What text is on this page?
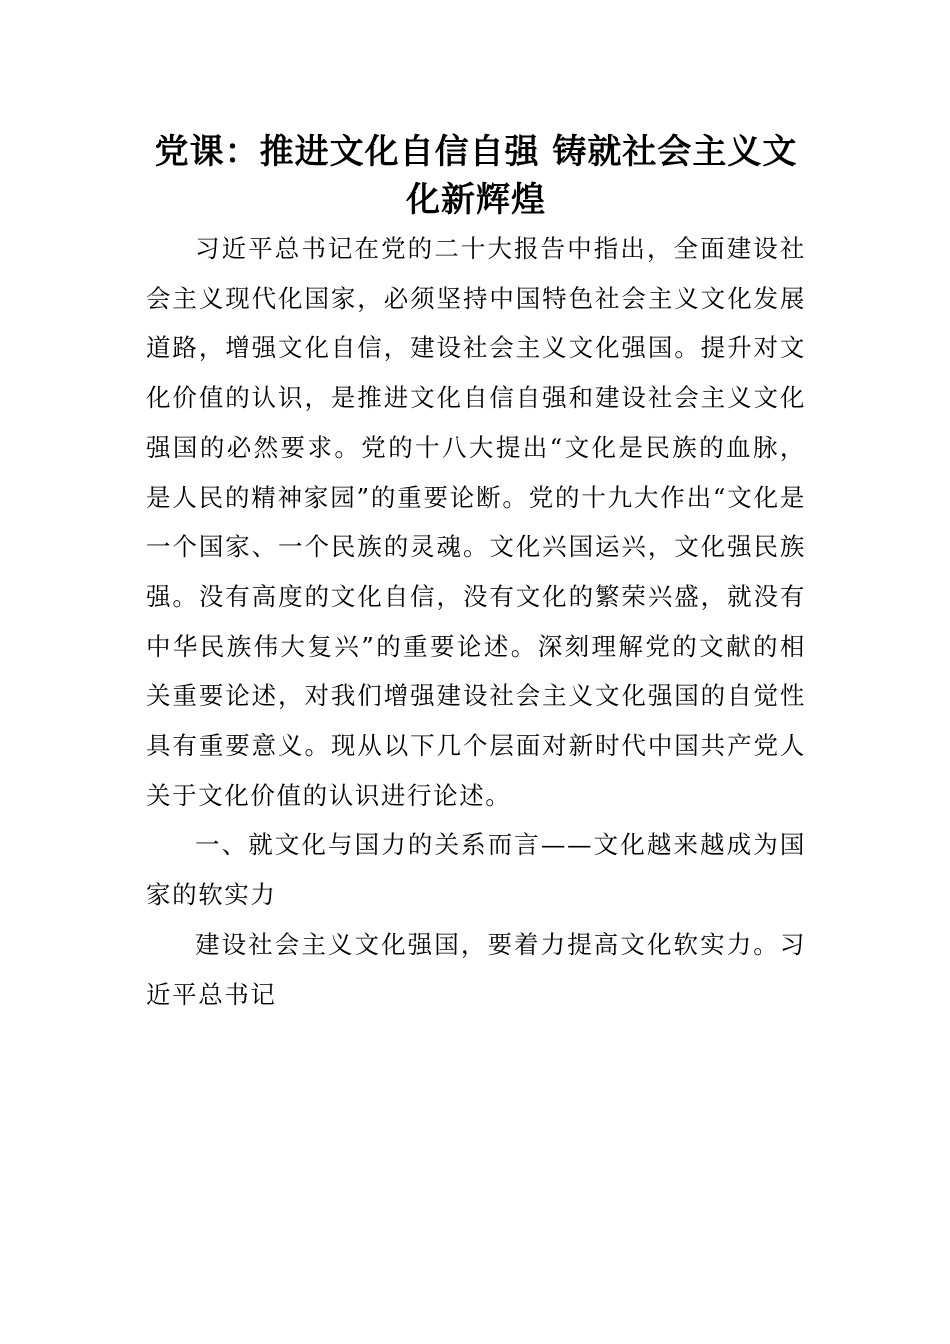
党课：推进文化自信自强 铸就社会主义文化新辉煌

习近平总书记在党的二十大报告中指出，全面建设社会主义现代化国家，必须坚持中国特色社会主义文化发展道路，增强文化自信，建设社会主义文化强国。提升对文化价值的认识，是推进文化自信自强和建设社会主义文化强国的必然要求。党的十八大提出“文化是民族的血脉，是人民的精神家园”的重要论断。党的十九大作出“文化是一个国家、一个民族的灵魂。文化兴国运兴，文化强民族强。没有高度的文化自信，没有文化的繁荣兴盛，就没有中华民族伟大复兴”的重要论述。深刻理解党的文献的相关重要论述，对我们增强建设社会主义文化强国的自觉性具有重要意义。现从以下几个层面对新时代中国共产党人关于文化价值的认识进行论述。

一、就文化与国力的关系而言——文化越来越成为国家的软实力

建设社会主义文化强国，要着力提高文化软实力。习近平总书记
